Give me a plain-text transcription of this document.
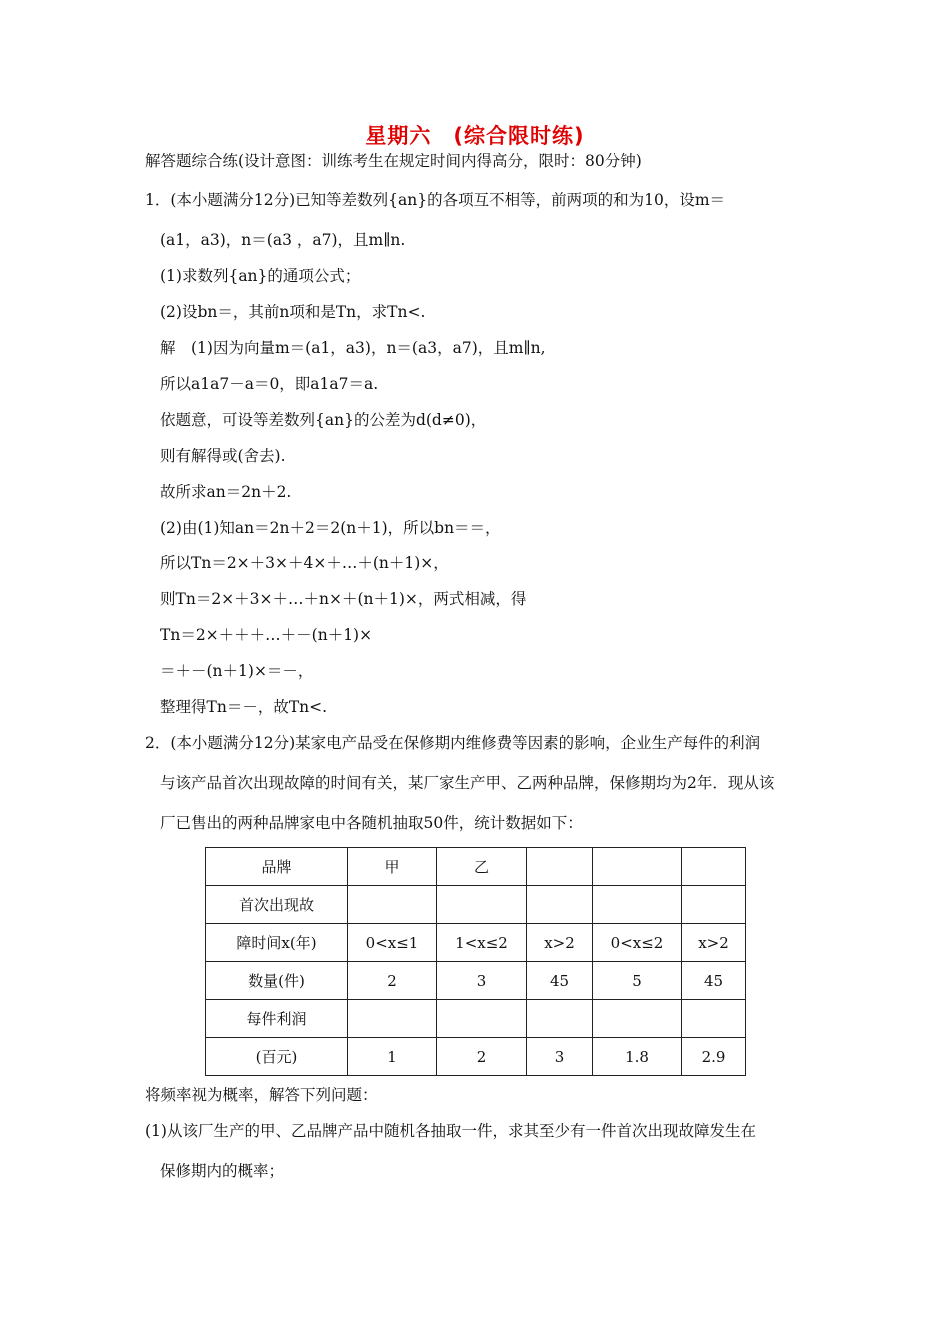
星期六　(综合限时练)
解答题综合练(设计意图：训练考生在规定时间内得高分，限时：80分钟)
1．(本小题满分12分)已知等差数列{an}的各项互不相等，前两项的和为10，设m＝
(a1，a3)，n＝(a3 ，a7)，且m∥n.
(1)求数列{an}的通项公式；
(2)设bn＝，其前n项和是Tn，求Tn<.
解　(1)因为向量m＝(a1，a3)，n＝(a3，a7)，且m∥n,
所以a1a7－a＝0，即a1a7＝a.
依题意，可设等差数列{an}的公差为d(d≠0)，
则有解得或(舍去).
故所求an＝2n＋2.
(2)由(1)知an＝2n＋2＝2(n＋1)，所以bn＝＝，
所以Tn＝2×＋3×＋4×＋…＋(n＋1)×，
则Tn＝2×＋3×＋…＋n×＋(n＋1)×，两式相减，得
Tn＝2×＋＋＋…＋－(n＋1)×
＝＋－(n＋1)×＝－，
整理得Tn＝－，故Tn<.
2．(本小题满分12分)某家电产品受在保修期内维修费等因素的影响，企业生产每件的利润
与该产品首次出现故障的时间有关，某厂家生产甲、乙两种品牌，保修期均为2年．现从该
厂已售出的两种品牌家电中各随机抽取50件，统计数据如下：
品牌	甲	乙			
首次出现故					
障时间x(年)	0<x≤1	1<x≤2	x>2	0<x≤2	x>2
数量(件)	2	3	45	5	45
每件利润					
(百元)	1	2	3	1.8	2.9
将频率视为概率，解答下列问题：
(1)从该厂生产的甲、乙品牌产品中随机各抽取一件，求其至少有一件首次出现故障发生在
保修期内的概率；
